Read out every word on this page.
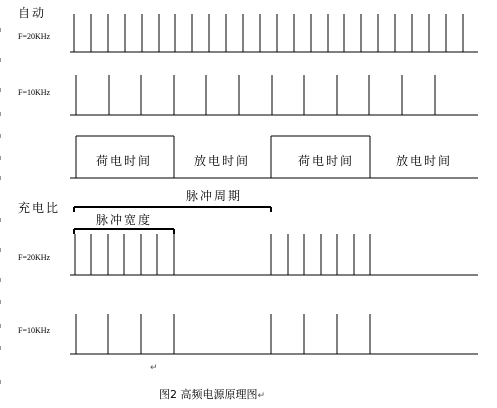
自动
F=20KHz
F=10KHz
荷电时间	放电时间	荷电时间	放电时间
充电比
脉冲周期
脉冲宽度
F=20KHz
F=10KHz
↵
图2 高频电源原理图↵
